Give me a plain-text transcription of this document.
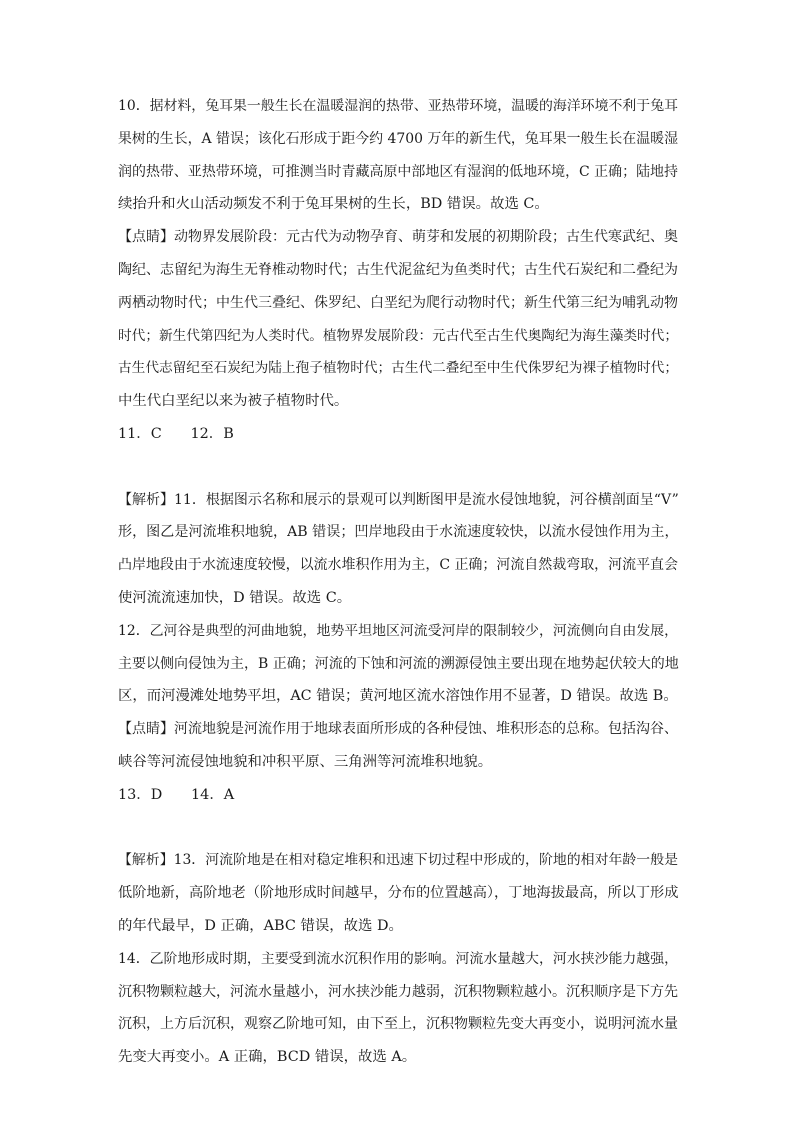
10．据材料，兔耳果一般生长在温暖湿润的热带、亚热带环境，温暖的海洋环境不利于兔耳
果树的生长，A 错误；该化石形成于距今约 4700 万年的新生代，兔耳果一般生长在温暖湿
润的热带、亚热带环境，可推测当时青藏高原中部地区有湿润的低地环境，C 正确；陆地持
续抬升和火山活动频发不利于兔耳果树的生长，BD 错误。故选 C。
【点睛】动物界发展阶段：元古代为动物孕育、萌芽和发展的初期阶段；古生代寒武纪、奥
陶纪、志留纪为海生无脊椎动物时代；古生代泥盆纪为鱼类时代；古生代石炭纪和二叠纪为
两栖动物时代；中生代三叠纪、侏罗纪、白垩纪为爬行动物时代；新生代第三纪为哺乳动物
时代；新生代第四纪为人类时代。植物界发展阶段：元古代至古生代奥陶纪为海生藻类时代；
古生代志留纪至石炭纪为陆上孢子植物时代；古生代二叠纪至中生代侏罗纪为裸子植物时代；
中生代白垩纪以来为被子植物时代。
11．C　　12．B
【解析】11．根据图示名称和展示的景观可以判断图甲是流水侵蚀地貌，河谷横剖面呈“V”
形，图乙是河流堆积地貌，AB 错误；凹岸地段由于水流速度较快，以流水侵蚀作用为主，
凸岸地段由于水流速度较慢，以流水堆积作用为主，C 正确；河流自然裁弯取，河流平直会
使河流流速加快，D 错误。故选 C。
12．乙河谷是典型的河曲地貌，地势平坦地区河流受河岸的限制较少，河流侧向自由发展，
主要以侧向侵蚀为主，B 正确；河流的下蚀和河流的溯源侵蚀主要出现在地势起伏较大的地
区，而河漫滩处地势平坦，AC 错误；黄河地区流水溶蚀作用不显著，D 错误。故选 B。
【点睛】河流地貌是河流作用于地球表面所形成的各种侵蚀、堆积形态的总称。包括沟谷、
峡谷等河流侵蚀地貌和冲积平原、三角洲等河流堆积地貌。
13．D　　14．A
【解析】13．河流阶地是在相对稳定堆积和迅速下切过程中形成的，阶地的相对年龄一般是
低阶地新，高阶地老（阶地形成时间越早，分布的位置越高），丁地海拔最高，所以丁形成
的年代最早，D 正确，ABC 错误，故选 D。
14．乙阶地形成时期，主要受到流水沉积作用的影响。河流水量越大，河水挟沙能力越强，
沉积物颗粒越大，河流水量越小，河水挟沙能力越弱，沉积物颗粒越小。沉积顺序是下方先
沉积，上方后沉积，观察乙阶地可知，由下至上，沉积物颗粒先变大再变小，说明河流水量
先变大再变小。A 正确，BCD 错误，故选 A。
